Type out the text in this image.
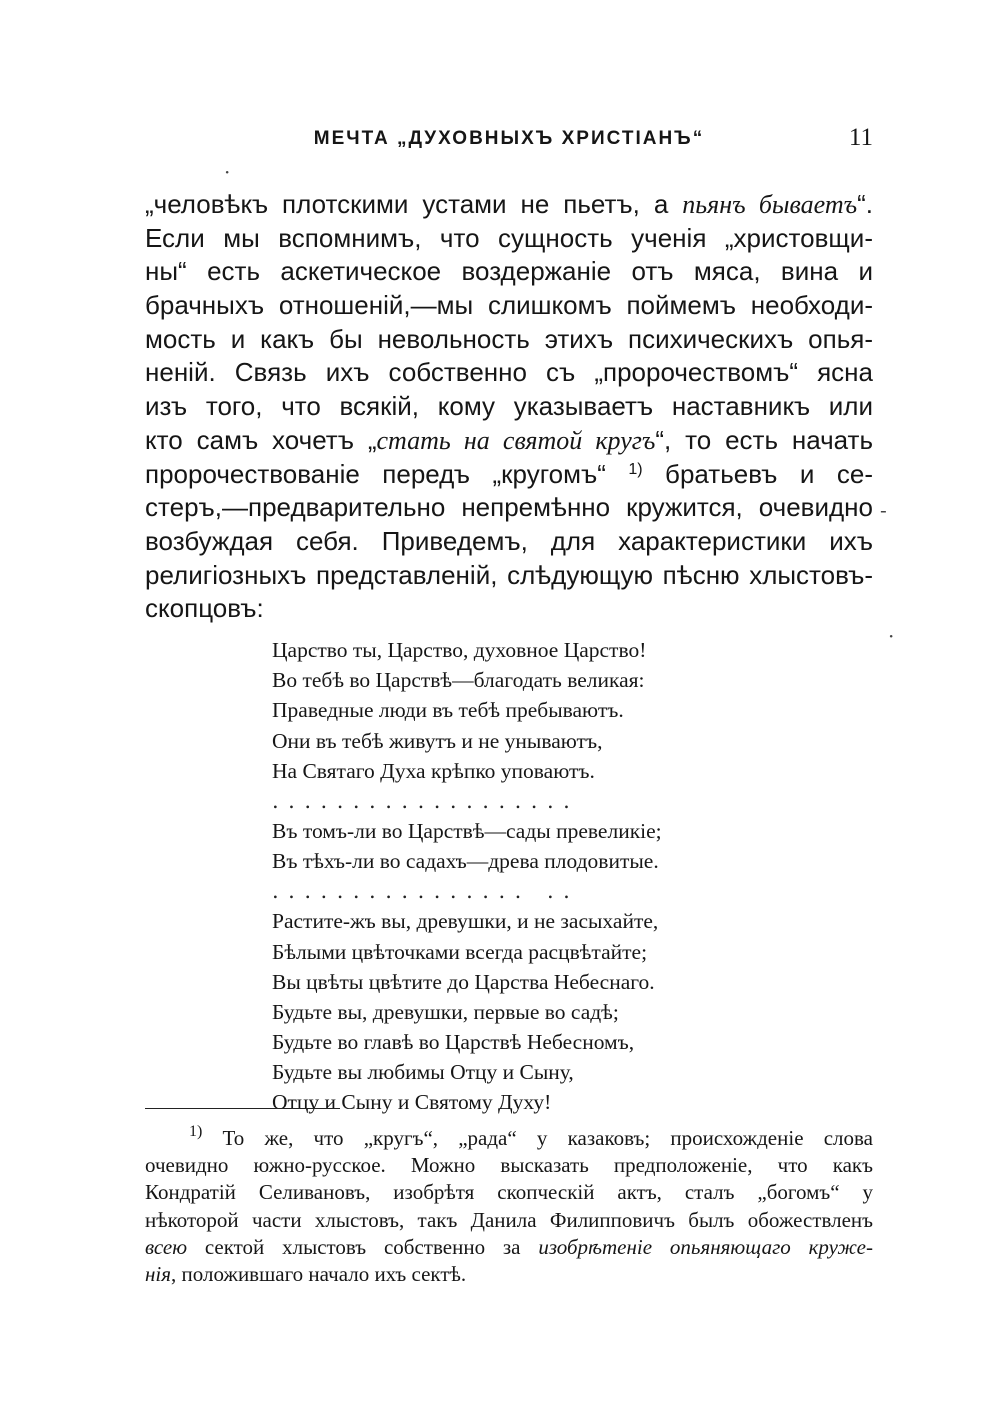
МЕЧТА „ДУХОВНЫХЪ ХРИСТІАНЪ“	11
·
-
·
„человѣкъ плотскими устами не пьетъ, а пьянъ бываетъ“.
Если мы вспомнимъ, что сущность ученія „христовщи-
ны“ есть аскетическое воздержаніе отъ мяса, вина и
брачныхъ отношеній,—мы слишкомъ поймемъ необходи-
мость и какъ бы невольность этихъ психическихъ опья-
неній. Связь ихъ собственно съ „пророчествомъ“ ясна
изъ того, что всякій, кому указываетъ наставникъ или
кто самъ хочетъ „стать на святой кругъ“, то есть начать
пророчествованіе передъ „кругомъ“ $^{1)}$ братьевъ и се-
стеръ,—предварительно непремѣнно кружится, очевидно
возбуждая себя. Приведемъ, для характеристики ихъ
религіозныхъ представленій, слѣдующую пѣсню хлыстовъ-
скопцовъ:
Царство ты, Царство, духовное Царство!
Во тебѣ во Царствѣ—благодать великая:
Праведные люди въ тебѣ пребываютъ.
Они въ тебѣ живутъ и не унываютъ,
На Святаго Духа крѣпко уповаютъ.
...................
Въ томъ-ли во Царствѣ—сады превеликіе;
Въ тѣхъ-ли во садахъ—древа плодовитые.
................ ..
Растите-жъ вы, древушки, и не засыхайте,
Бѣлыми цвѣточками всегда расцвѣтайте;
Вы цвѣты цвѣтите до Царства Небеснаго.
Будьте вы, древушки, первые во садѣ;
Будьте во главѣ во Царствѣ Небесномъ,
Будьте вы любимы Отцу и Сыну,
Отцу и Сыну и Святому Духу!
$^{1)}$ То же, что „кругъ“, „рада“ у казаковъ; происхожденіе слова
очевидно южно-русское. Можно высказать предположеніе, что какъ
Кондратій Селивановъ, изобрѣтя скопческій актъ, сталъ „богомъ“ у
нѣкоторой части хлыстовъ, такъ Данила Филипповичъ былъ обожествленъ
всею сектой хлыстовъ собственно за изобрѣтеніе опьяняющаго круже-
нія, положившаго начало ихъ сектѣ.
